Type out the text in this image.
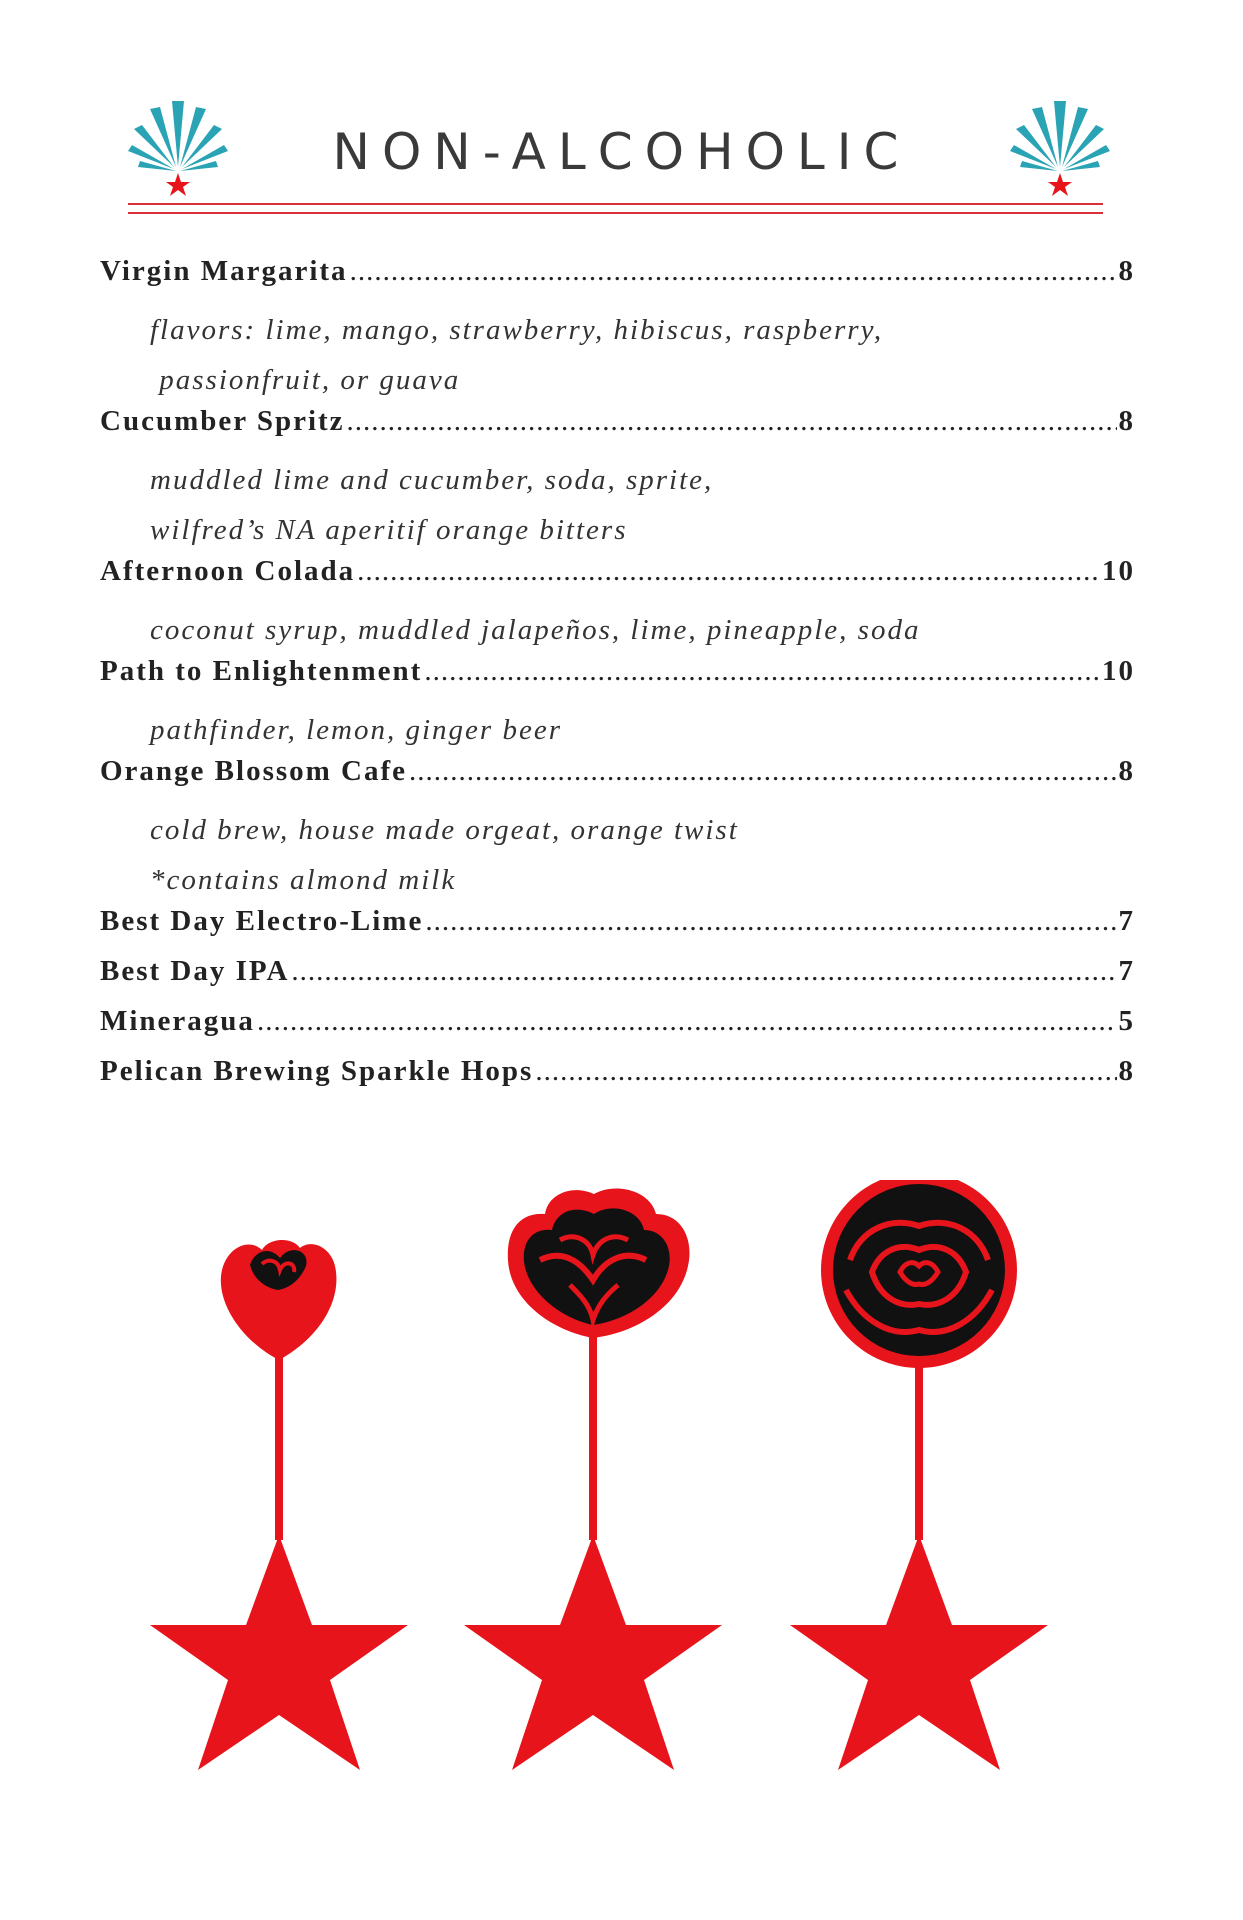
NON-ALCOHOLIC
Virgin Margarita .....	8
flavors: lime, mango, strawberry, hibiscus, raspberry,
passionfruit, or guava
Cucumber Spritz .....	8
muddled lime and cucumber, soda, sprite,
wilfred’s NA aperitif orange bitters
Afternoon Colada .....	10
coconut syrup, muddled jalapeños, lime, pineapple, soda
Path to Enlightenment .....	10
pathfinder, lemon, ginger beer
Orange Blossom Cafe .....	8
cold brew, house made orgeat, orange twist
*contains almond milk
Best Day Electro-Lime .....	7
Best Day IPA .....	7
Mineragua .....	5
Pelican Brewing Sparkle Hops .....	8
